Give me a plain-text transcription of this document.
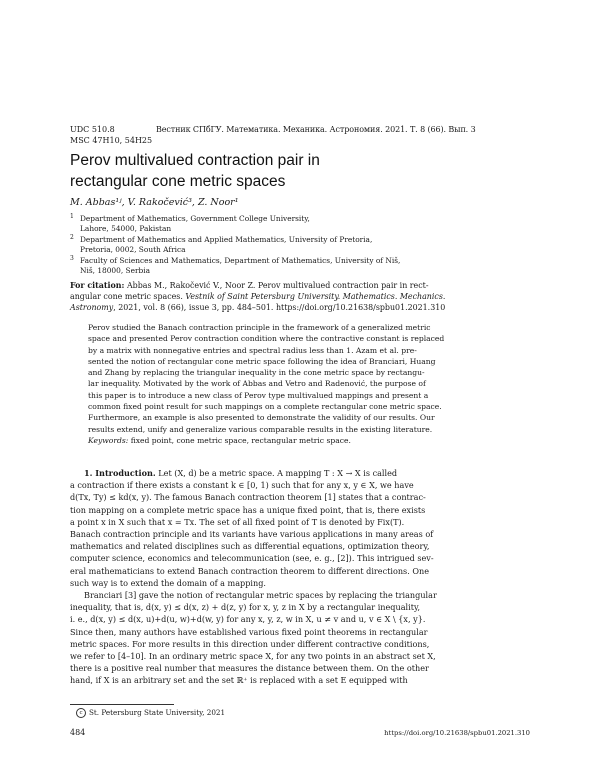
UDC 510.8	Вестник СПбГУ. Математика. Механика. Астрономия. 2021. Т. 8 (66). Вып. 3
MSC 47H10, 54H25
Perov multivalued contraction pair in
rectangular cone metric spaces
M. Abbas¹ʲ, V. Rakočević³, Z. Noor¹
1 Department of Mathematics, Government College University,
Lahore, 54000, Pakistan
2 Department of Mathematics and Applied Mathematics, University of Pretoria,
Pretoria, 0002, South Africa
3 Faculty of Sciences and Mathematics, Department of Mathematics, University of Niš,
Niš, 18000, Serbia
For citation: Abbas M., Rakočević V., Noor Z. Perov multivalued contraction pair in rect-
angular cone metric spaces. Vestnik of Saint Petersburg University. Mathematics. Mechanics.
Astronomy, 2021, vol. 8 (66), issue 3, pp. 484–501. https://doi.org/10.21638/spbu01.2021.310
Perov studied the Banach contraction principle in the framework of a generalized metric
space and presented Perov contraction condition where the contractive constant is replaced
by a matrix with nonnegative entries and spectral radius less than 1. Azam et al. pre-
sented the notion of rectangular cone metric space following the idea of Branciari, Huang
and Zhang by replacing the triangular inequality in the cone metric space by rectangu-
lar inequality. Motivated by the work of Abbas and Vetro and Radenović, the purpose of
this paper is to introduce a new class of Perov type multivalued mappings and present a
common fixed point result for such mappings on a complete rectangular cone metric space.
Furthermore, an example is also presented to demonstrate the validity of our results. Our
results extend, unify and generalize various comparable results in the existing literature.
Keywords: fixed point, cone metric space, rectangular metric space.
1. Introduction. Let (X, d) be a metric space. A mapping T : X → X is called
a contraction if there exists a constant k ∈ [0, 1) such that for any x, y ∈ X, we have
d(Tx, Ty) ≤ kd(x, y). The famous Banach contraction theorem [1] states that a contrac-
tion mapping on a complete metric space has a unique fixed point, that is, there exists
a point x in X such that x = Tx. The set of all fixed point of T is denoted by Fix(T).
Banach contraction principle and its variants have various applications in many areas of
mathematics and related disciplines such as differential equations, optimization theory,
computer science, economics and telecommunication (see, e. g., [2]). This intrigued sev-
eral mathematicians to extend Banach contraction theorem to different directions. One
such way is to extend the domain of a mapping.
Branciari [3] gave the notion of rectangular metric spaces by replacing the triangular
inequality, that is, d(x, y) ≤ d(x, z) + d(z, y) for x, y, z in X by a rectangular inequality,
i. e., d(x, y) ≤ d(x, u)+d(u, w)+d(w, y) for any x, y, z, w in X, u ≠ v and u, v ∈ X \ {x, y}.
Since then, many authors have established various fixed point theorems in rectangular
metric spaces. For more results in this direction under different contractive conditions,
we refer to [4–10]. In an ordinary metric space X, for any two points in an abstract set X,
there is a positive real number that measures the distance between them. On the other
hand, if X is an arbitrary set and the set ℝ⁺ is replaced with a set E equipped with
c St. Petersburg State University, 2021
484	https://doi.org/10.21638/spbu01.2021.310
